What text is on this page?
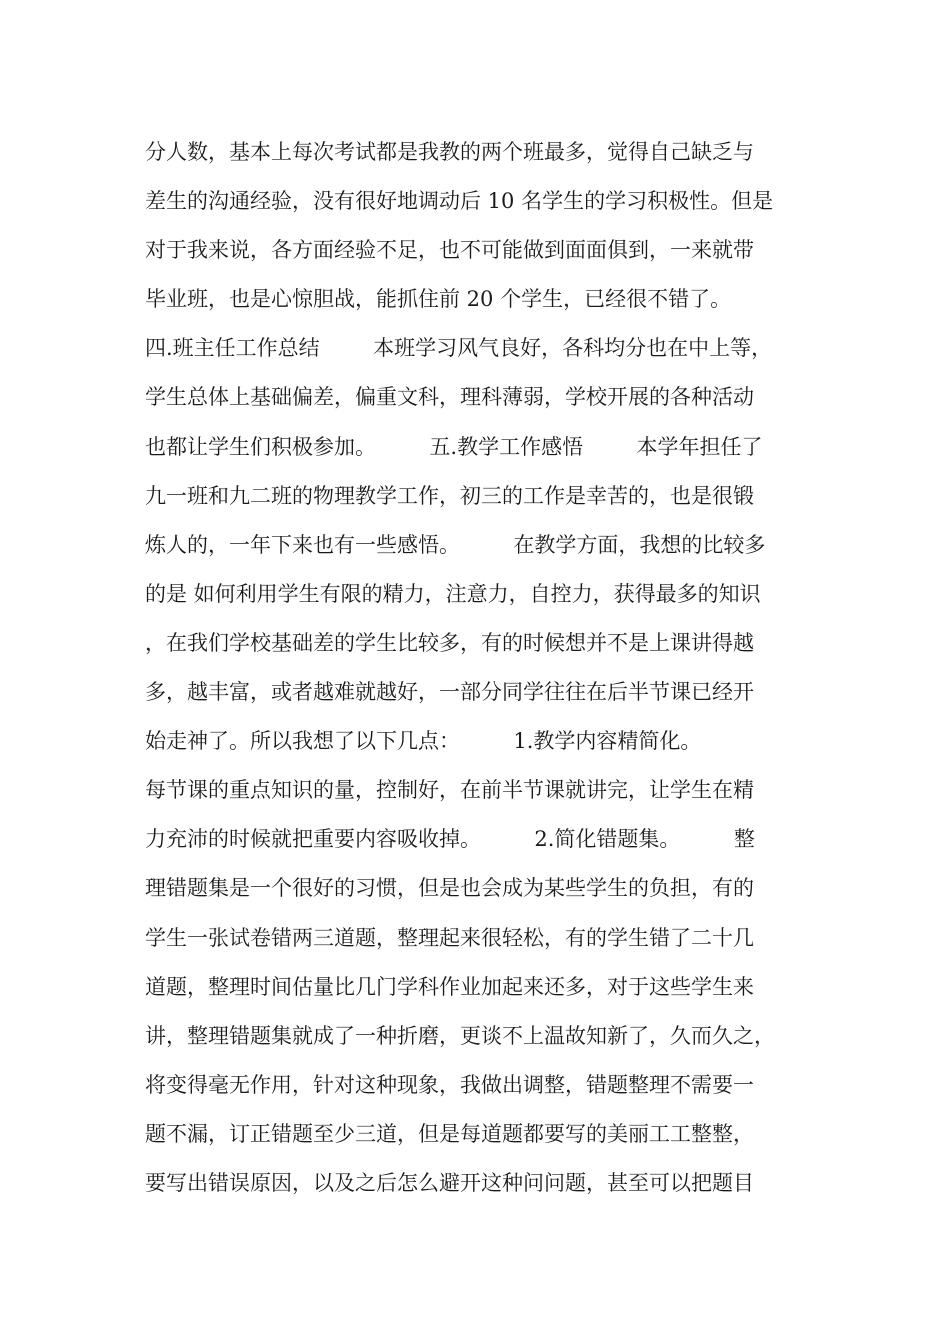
分人数，基本上每次考试都是我教的两个班最多，觉得自己缺乏与
差生的沟通经验，没有很好地调动后 10 名学生的学习积极性。但是
对于我来说，各方面经验不足，也不可能做到面面俱到，一来就带
毕业班，也是心惊胆战，能抓住前 20 个学生，已经很不错了。
四.班主任工作总结        本班学习风气良好，各科均分也在中上等，
学生总体上基础偏差，偏重文科，理科薄弱，学校开展的各种活动
也都让学生们积极参加。        五.教学工作感悟        本学年担任了
九一班和九二班的物理教学工作，初三的工作是幸苦的，也是很锻
炼人的，一年下来也有一些感悟。        在教学方面，我想的比较多
的是 如何利用学生有限的精力，注意力，自控力，获得最多的知识
，在我们学校基础差的学生比较多，有的时候想并不是上课讲得越
多，越丰富，或者越难就越好，一部分同学往往在后半节课已经开
始走神了。所以我想了以下几点：        1.教学内容精简化。
每节课的重点知识的量，控制好，在前半节课就讲完，让学生在精
力充沛的时候就把重要内容吸收掉。        2.简化错题集。        整
理错题集是一个很好的习惯，但是也会成为某些学生的负担，有的
学生一张试卷错两三道题，整理起来很轻松，有的学生错了二十几
道题，整理时间估量比几门学科作业加起来还多，对于这些学生来
讲，整理错题集就成了一种折磨，更谈不上温故知新了，久而久之，
将变得毫无作用，针对这种现象，我做出调整，错题整理不需要一
题不漏，订正错题至少三道，但是每道题都要写的美丽工工整整，
要写出错误原因，以及之后怎么避开这种问问题，甚至可以把题目
